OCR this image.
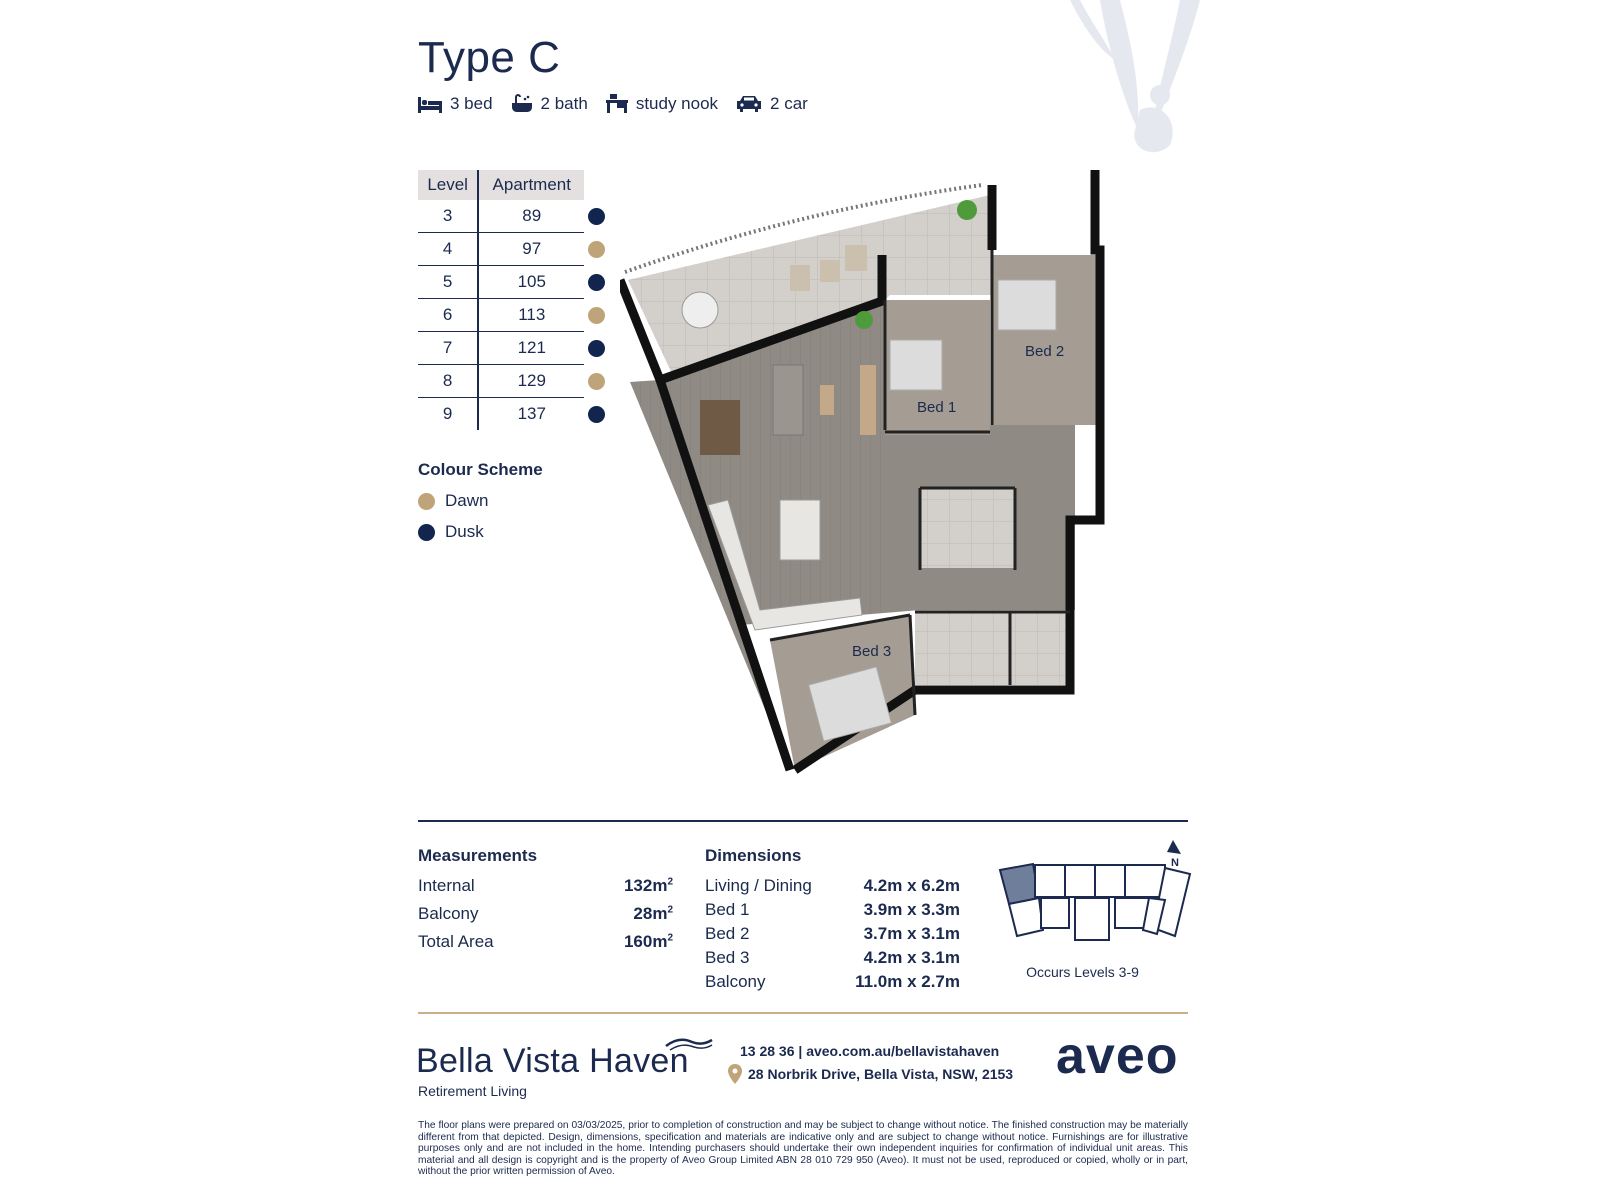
Type C
3 bed	2 bath	study nook	2 car
Level	Apartment	
3	89	
4	97	
5	105	
6	113	
7	121	
8	129	
9	137	
Colour Scheme
Dawn
Dusk
Bed 1
Bed 2
Bed 3
Measurements
Internal	$132m^2$
Balcony	$28m^2$
Total Area	$160m^2$
Dimensions
Living / Dining	4.2m x 6.2m
Bed 1	3.9m x 3.3m
Bed 2	3.7m x 3.1m
Bed 3	4.2m x 3.1m
Balcony	11.0m x 2.7m
N
Occurs Levels 3-9
Bella Vista Haven
Retirement Living
13 28 36 | aveo.com.au/bellavistahaven
28 Norbrik Drive, Bella Vista, NSW, 2153 aveo
The floor plans were prepared on 03/03/2025, prior to completion of construction and may be subject to change without notice. The finished construction may be materially different from that depicted. Design, dimensions, specification and materials are indicative only and are subject to change without notice. Furnishings are for illustrative purposes only and are not included in the home. Intending purchasers should undertake their own independent inquiries for confirmation of individual unit areas. This material and all design is copyright and is the property of Aveo Group Limited ABN 28 010 729 950 (Aveo). It must not be used, reproduced or copied, wholly or in part, without the prior written permission of Aveo.
